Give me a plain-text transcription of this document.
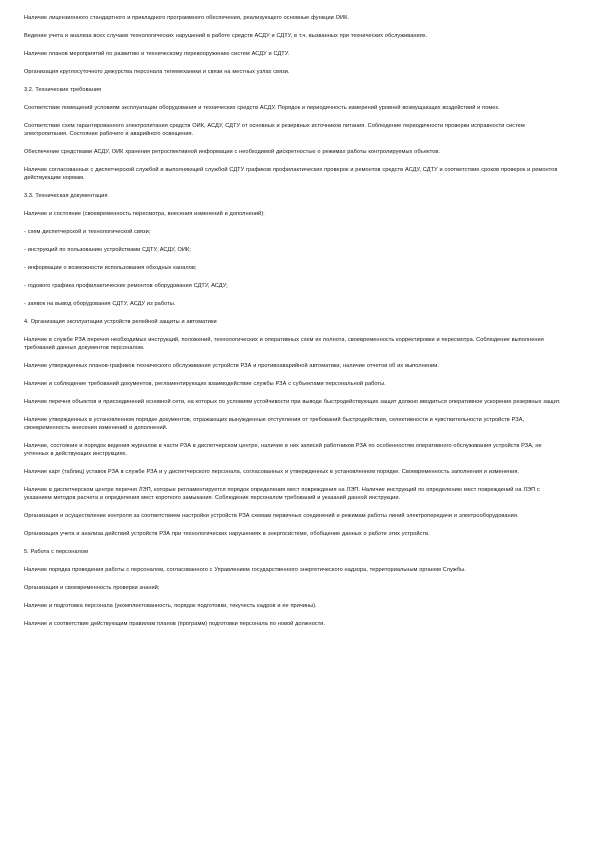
Наличие лицензионного стандартного и прикладного программного обеспечения, реализующего основные функции ОИК.

Ведение учета и анализа всех случаев технологических нарушений в работе средств АСДУ и СДТУ, в т.ч. вызванных при технических обслуживаниях.

Наличие планов мероприятий по развитию и техническому перевооружению систем АСДУ и СДТУ.

Организация круглосуточного дежурства персонала телемеханики и связи на местных узлах связи.

3.2. Технические требования

Соответствие помещений условиям эксплуатации оборудования и технических средств АСДУ. Порядок и периодичность измерений уровней возмущающих воздействий и помех.

Соответствие схем гарантированного электропитания средств ОИК, АСДУ, СДТУ от основных и резервных источников питания. Соблюдение периодичности проверки исправности систем электропитания. Состояние рабочего и аварийного освещения.

Обеспечение средствами АСДУ, ОИК хранения ретроспективной информации с необходимой дискретностью о режимах работы контролируемых объектов.

Наличие согласованных с диспетчерской службой и выполняющей службой СДТУ графиков профилактических проверок и ремонтов средств АСДУ, СДТУ и соответствие сроков проверок и ремонтов действующим нормам.

3.3. Техническая документация

Наличие и состояние (своевременность пересмотра, внесения изменений и дополнений):

- схем диспетчерской и технологической связи;

- инструкций по пользованию устройствами СДТУ, АСДУ, ОИК;

- информации о возможности использования обходных каналов;

- годового графика профилактических ремонтов оборудования СДТУ, АСДУ;

- заявок на вывод оборудования СДТУ, АСДУ из работы.

4. Организация эксплуатации устройств релейной защиты и автоматики

Наличие в службе РЗА перечня необходимых инструкций, положений, технологических и оперативных схем их полнота, своевременность корректировки и пересмотра. Соблюдение выполнения требований данных документов персоналом.

Наличие утвержденных планов-графиков технического обслуживания устройств РЗА и противоаварийной автоматики, наличие отчетов об их выполнении.

Наличие и соблюдение требований документов, регламентирующих взаимодействие службы РЗА с субъектами персональной работы.

Наличие перечня объектов и присоединений основной сети, на которых по условиям устойчивости при выводе быстродействующих защит должно вводиться оперативное ускорение резервных защит.

Наличие утвержденных в установленном порядке документов, отражающих вынужденные отступления от требований быстродействия, селективности и чувствительности устройств РЗА, своевременность внесения изменений и дополнений.

Наличие, состояние и порядок ведения журналов в части РЗА в диспетчерском центре, наличие в них записей работников РЗА по особенностям оперативного обслуживания устройств РЗА, не учтенных в действующих инструкциях.

Наличие карт (таблиц) уставок РЗА в службе РЗА и у диспетчерского персонала, согласованных и утвержденных в установленном порядке. Своевременность заполнения и изменения.

Наличие в диспетчерском центре перечня ЛЭП, которые регламентируется порядок определения мест повреждения на ЛЭП. Наличие инструкций по определению мест повреждений на ЛЭП с указанием методов расчета и определения мест короткого замыкания. Соблюдение персоналом требований и указаний данной инструкции.

Организация и осуществление контроля за соответствием настройки устройств РЗА схемам первичных соединений и режимам работы линий электропередачи и электрооборудования.

Организация учета и анализа действий устройств РЗА при технологических нарушениях в энергосистеме, обобщение данных о работе этих устройств.

5. Работа с персоналом

Наличие порядка проведения работы с персоналом, согласованного с Управлением государственного энергетического надзора, территориальным органом Службы.

Организация и своевременность проверки знаний;

Наличие и подготовка персонала (укомплектованность, порядок подготовки, текучесть кадров и ее причины).

Наличие и соответствие действующим правилам планов (программ) подготовки персонала по новой должности.
